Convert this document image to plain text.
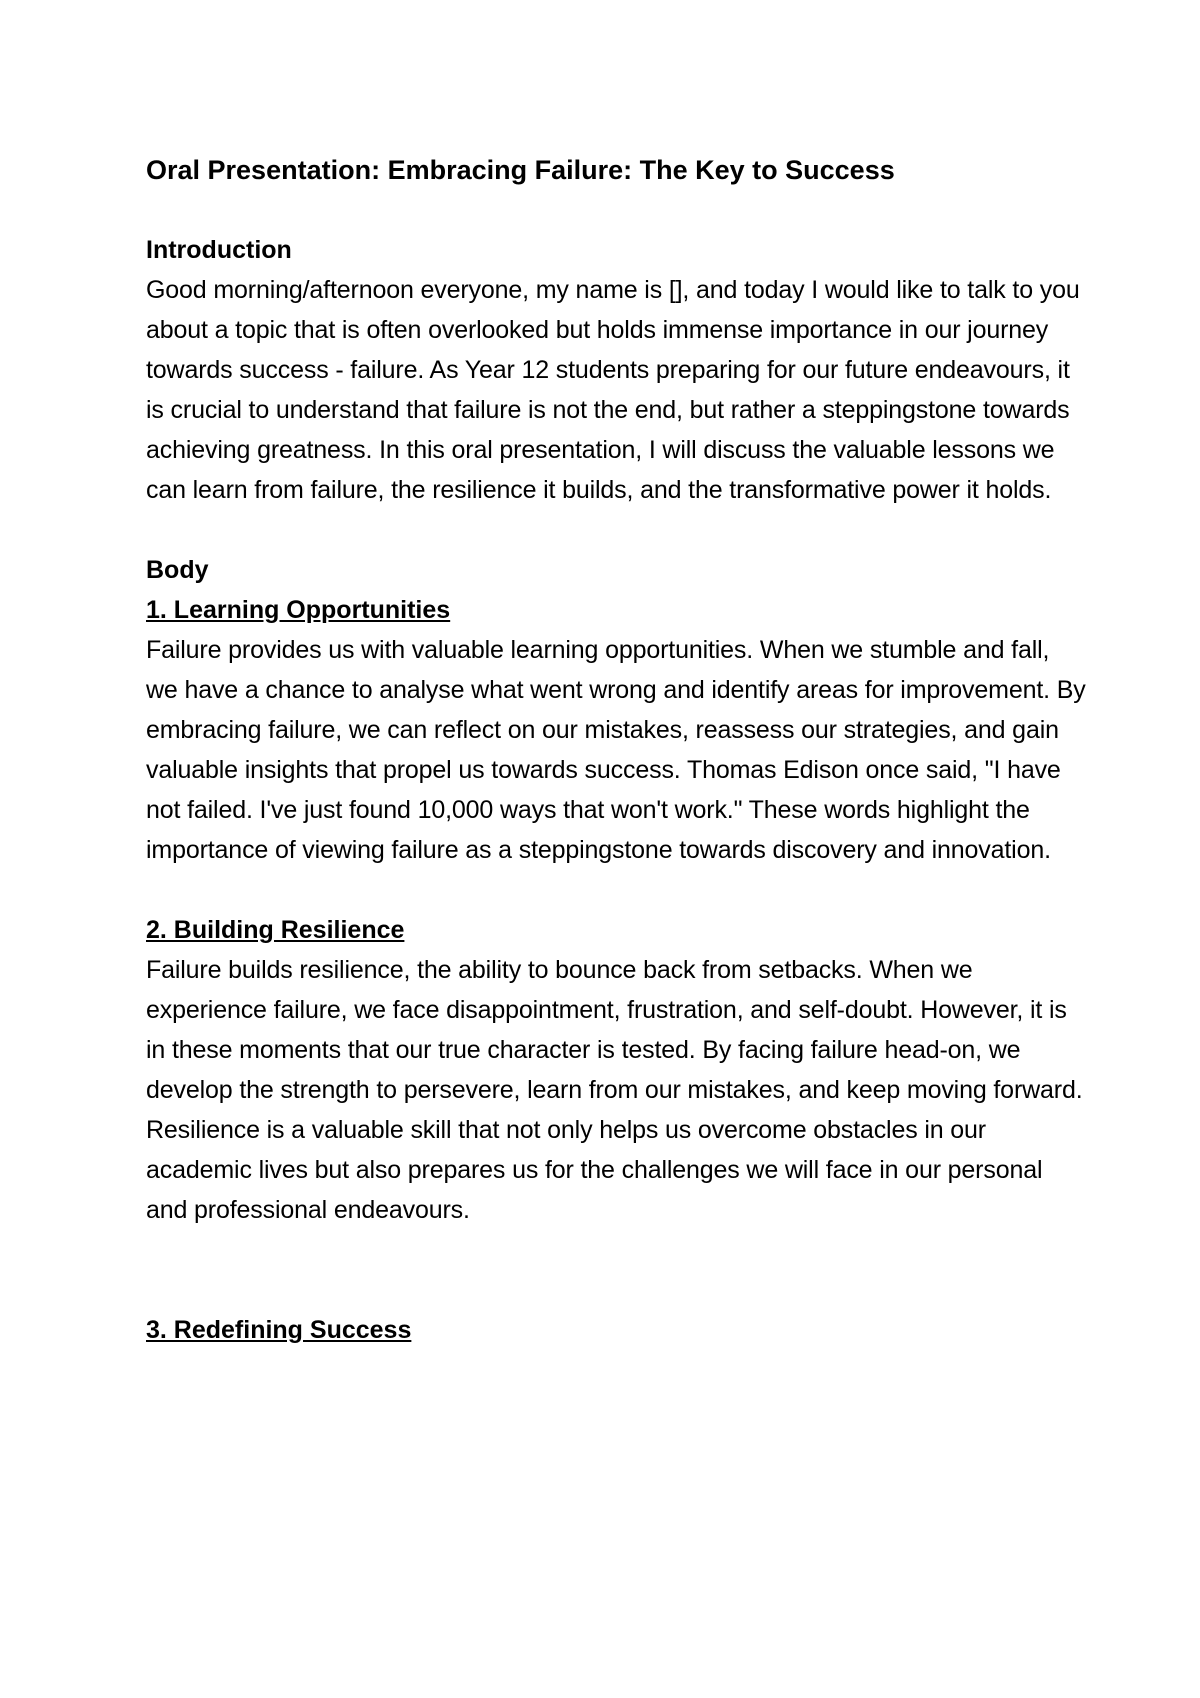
Oral Presentation: Embracing Failure: The Key to Success
Introduction

Good morning/afternoon everyone, my name is [], and today I would like to talk to you about a topic that is often overlooked but holds immense importance in our journey towards success - failure. As Year 12 students preparing for our future endeavours, it is crucial to understand that failure is not the end, but rather a steppingstone towards achieving greatness. In this oral presentation, I will discuss the valuable lessons we can learn from failure, the resilience it builds, and the transformative power it holds.

Body
1. Learning Opportunities

Failure provides us with valuable learning opportunities. When we stumble and fall, we have a chance to analyse what went wrong and identify areas for improvement. By embracing failure, we can reflect on our mistakes, reassess our strategies, and gain valuable insights that propel us towards success. Thomas Edison once said, "I have not failed. I've just found 10,000 ways that won't work." These words highlight the importance of viewing failure as a steppingstone towards discovery and innovation.

2. Building Resilience

Failure builds resilience, the ability to bounce back from setbacks. When we experience failure, we face disappointment, frustration, and self-doubt. However, it is in these moments that our true character is tested. By facing failure head-on, we develop the strength to persevere, learn from our mistakes, and keep moving forward. Resilience is a valuable skill that not only helps us overcome obstacles in our academic lives but also prepares us for the challenges we will face in our personal and professional endeavours.

3. Redefining Success
